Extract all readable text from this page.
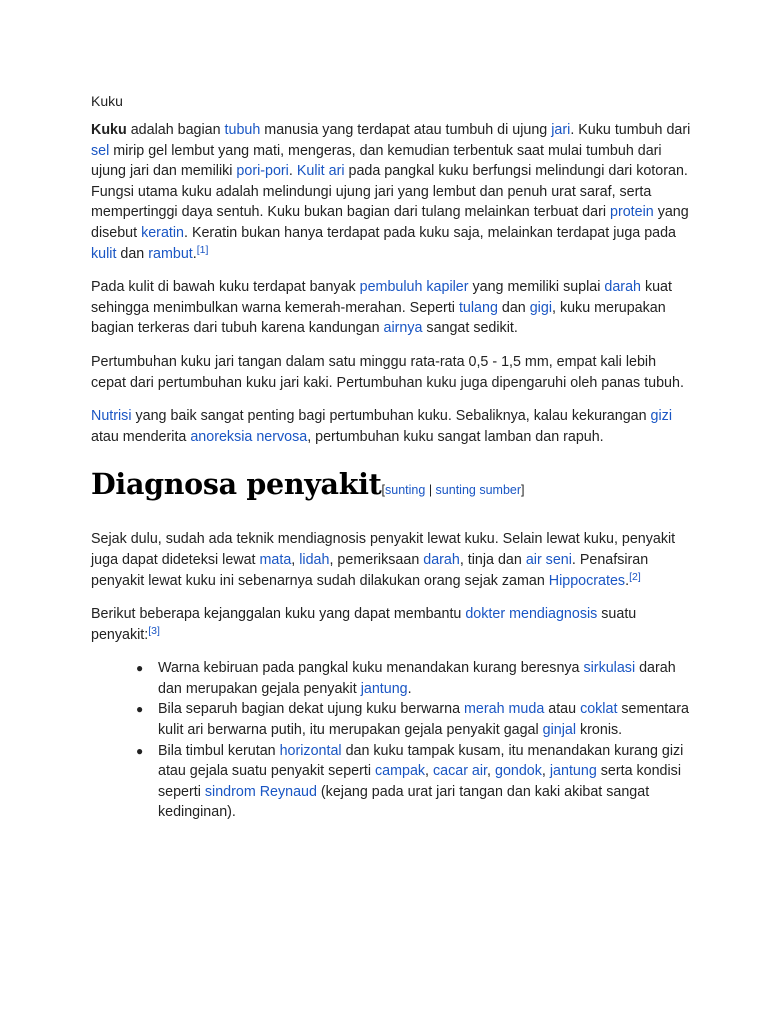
Kuku

Kuku adalah bagian tubuh manusia yang terdapat atau tumbuh di ujung jari. Kuku tumbuh dari sel mirip gel lembut yang mati, mengeras, dan kemudian terbentuk saat mulai tumbuh dari ujung jari dan memiliki pori-pori. Kulit ari pada pangkal kuku berfungsi melindungi dari kotoran. Fungsi utama kuku adalah melindungi ujung jari yang lembut dan penuh urat saraf, serta mempertinggi daya sentuh. Kuku bukan bagian dari tulang melainkan terbuat dari protein yang disebut keratin. Keratin bukan hanya terdapat pada kuku saja, melainkan terdapat juga pada kulit dan rambut.[1]

Pada kulit di bawah kuku terdapat banyak pembuluh kapiler yang memiliki suplai darah kuat sehingga menimbulkan warna kemerah-merahan. Seperti tulang dan gigi, kuku merupakan bagian terkeras dari tubuh karena kandungan airnya sangat sedikit.

Pertumbuhan kuku jari tangan dalam satu minggu rata-rata 0,5 - 1,5 mm, empat kali lebih cepat dari pertumbuhan kuku jari kaki. Pertumbuhan kuku juga dipengaruhi oleh panas tubuh.

Nutrisi yang baik sangat penting bagi pertumbuhan kuku. Sebaliknya, kalau kekurangan gizi atau menderita anoreksia nervosa, pertumbuhan kuku sangat lamban dan rapuh.

Diagnosa penyakit[sunting | sunting sumber]

Sejak dulu, sudah ada teknik mendiagnosis penyakit lewat kuku. Selain lewat kuku, penyakit juga dapat dideteksi lewat mata, lidah, pemeriksaan darah, tinja dan air seni. Penafsiran penyakit lewat kuku ini sebenarnya sudah dilakukan orang sejak zaman Hippocrates.[2]

Berikut beberapa kejanggalan kuku yang dapat membantu dokter mendiagnosis suatu penyakit:[3]

● Warna kebiruan pada pangkal kuku menandakan kurang beresnya sirkulasi darah dan merupakan gejala penyakit jantung.
● Bila separuh bagian dekat ujung kuku berwarna merah muda atau coklat sementara kulit ari berwarna putih, itu merupakan gejala penyakit gagal ginjal kronis.
● Bila timbul kerutan horizontal dan kuku tampak kusam, itu menandakan kurang gizi atau gejala suatu penyakit seperti campak, cacar air, gondok, jantung serta kondisi seperti sindrom Reynaud (kejang pada urat jari tangan dan kaki akibat sangat kedinginan).
